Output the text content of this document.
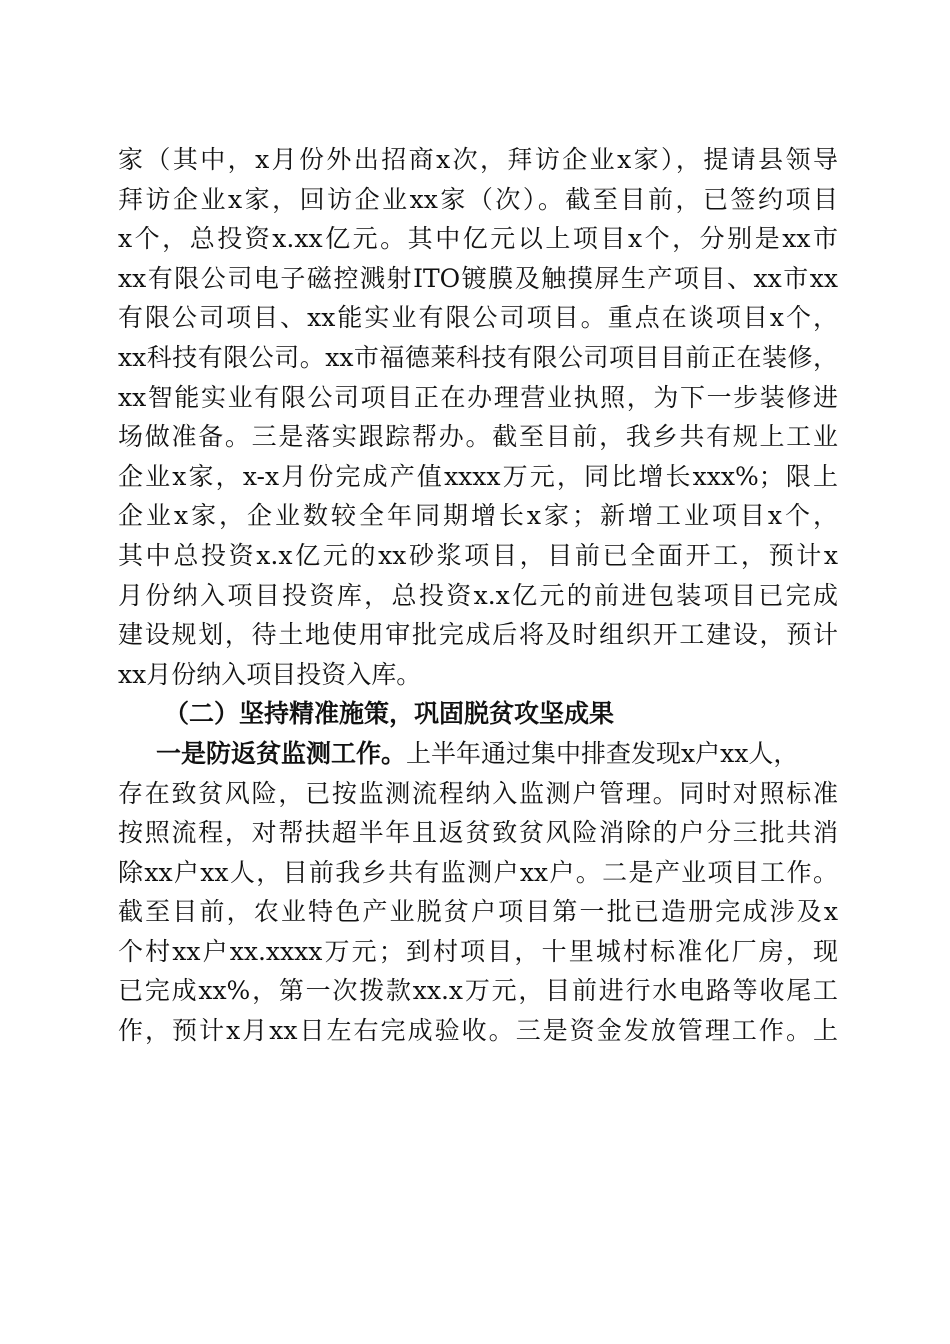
家（其中，x月份外出招商x次，拜访企业x家），提请县领导
拜访企业x家，回访企业xx家（次）。截至目前，已签约项目
x个，总投资x.xx亿元。其中亿元以上项目x个，分别是xx市
xx有限公司电子磁控溅射ITO镀膜及触摸屏生产项目、xx市xx
有限公司项目、xx能实业有限公司项目。重点在谈项目x个，
xx科技有限公司。xx市福德莱科技有限公司项目目前正在装修，
xx智能实业有限公司项目正在办理营业执照，为下一步装修进
场做准备。三是落实跟踪帮办。截至目前，我乡共有规上工业
企业x家，x-x月份完成产值xxxx万元，同比增长xxx%；限上
企业x家，企业数较全年同期增长x家；新增工业项目x个，
其中总投资x.x亿元的xx砂浆项目，目前已全面开工，预计x
月份纳入项目投资库，总投资x.x亿元的前进包装项目已完成
建设规划，待土地使用审批完成后将及时组织开工建设，预计
xx月份纳入项目投资入库。
（二）坚持精准施策，巩固脱贫攻坚成果
一是防返贫监测工作。上半年通过集中排查发现x户xx人，
存在致贫风险，已按监测流程纳入监测户管理。同时对照标准
按照流程，对帮扶超半年且返贫致贫风险消除的户分三批共消
除xx户xx人，目前我乡共有监测户xx户。二是产业项目工作。
截至目前，农业特色产业脱贫户项目第一批已造册完成涉及x
个村xx户xx.xxxx万元；到村项目，十里城村标准化厂房，现
已完成xx%，第一次拨款xx.x万元，目前进行水电路等收尾工
作，预计x月xx日左右完成验收。三是资金发放管理工作。上
